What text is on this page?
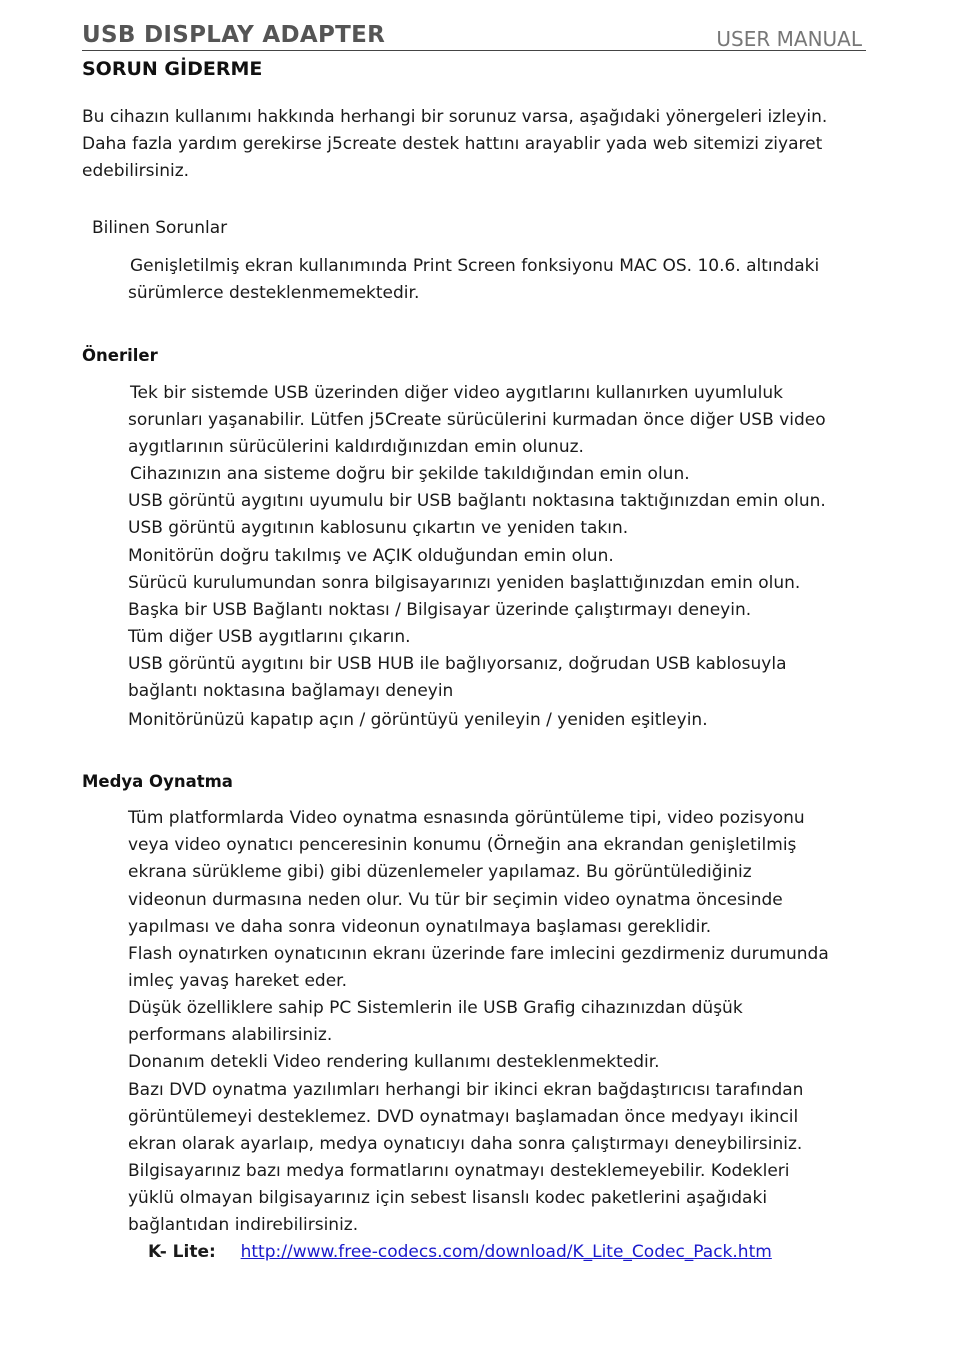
USB DISPLAY ADAPTER	USER MANUAL
SORUN GİDERME
Bu cihazın kullanımı hakkında herhangi bir sorunuz varsa, aşağıdaki yönergeleri izleyin.
Daha fazla yardım gerekirse j5create destek hattını arayablir yada web sitemizi ziyaret
edebilirsiniz.
Bilinen Sorunlar
Genişletilmiş ekran kullanımında Print Screen fonksiyonu MAC OS. 10.6. altındaki
sürümlerce desteklenmemektedir.
Öneriler
Tek bir sistemde USB üzerinden diğer video aygıtlarını kullanırken uyumluluk
sorunları yaşanabilir. Lütfen j5Create sürücülerini kurmadan önce diğer USB video
aygıtlarının sürücülerini kaldırdığınızdan emin olunuz.
Cihazınızın ana sisteme doğru bir şekilde takıldığından emin olun.
USB görüntü aygıtını uyumulu bir USB bağlantı noktasına taktığınızdan emin olun.
USB görüntü aygıtının kablosunu çıkartın ve yeniden takın.
Monitörün doğru takılmış ve AÇIK olduğundan emin olun.
Sürücü kurulumundan sonra bilgisayarınızı yeniden başlattığınızdan emin olun.
Başka bir USB Bağlantı noktası / Bilgisayar üzerinde çalıştırmayı deneyin.
Tüm diğer USB aygıtlarını çıkarın.
USB görüntü aygıtını bir USB HUB ile bağlıyorsanız, doğrudan USB kablosuyla
bağlantı noktasına bağlamayı deneyin
Monitörünüzü kapatıp açın / görüntüyü yenileyin / yeniden eşitleyin.
Medya Oynatma
Tüm platformlarda Video oynatma esnasında görüntüleme tipi, video pozisyonu
veya video oynatıcı penceresinin konumu (Örneğin ana ekrandan genişletilmiş
ekrana sürükleme gibi) gibi düzenlemeler yapılamaz. Bu görüntülediğiniz
videonun durmasına neden olur. Vu tür bir seçimin video oynatma öncesinde
yapılması ve daha sonra videonun oynatılmaya başlaması gereklidir.
Flash oynatırken oynatıcının ekranı üzerinde fare imlecini gezdirmeniz durumunda
imleç yavaş hareket eder.
Düşük özelliklere sahip PC Sistemlerin ile USB Grafig cihazınızdan düşük
performans alabilirsiniz.
Donanım detekli Video rendering kullanımı desteklenmektedir.
Bazı DVD oynatma yazılımları herhangi bir ikinci ekran bağdaştırıcısı tarafından
görüntülemeyi desteklemez. DVD oynatmayı başlamadan önce medyayı ikincil
ekran olarak ayarlaıp, medya oynatıcıyı daha sonra çalıştırmayı deneybilirsiniz.
Bilgisayarınız bazı medya formatlarını oynatmayı desteklemeyebilir. Kodekleri
yüklü olmayan bilgisayarınız için sebest lisanslı kodec paketlerini aşağıdaki
bağlantıdan indirebilirsiniz.
K- Lite: http://www.free-codecs.com/download/K_Lite_Codec_Pack.htm
